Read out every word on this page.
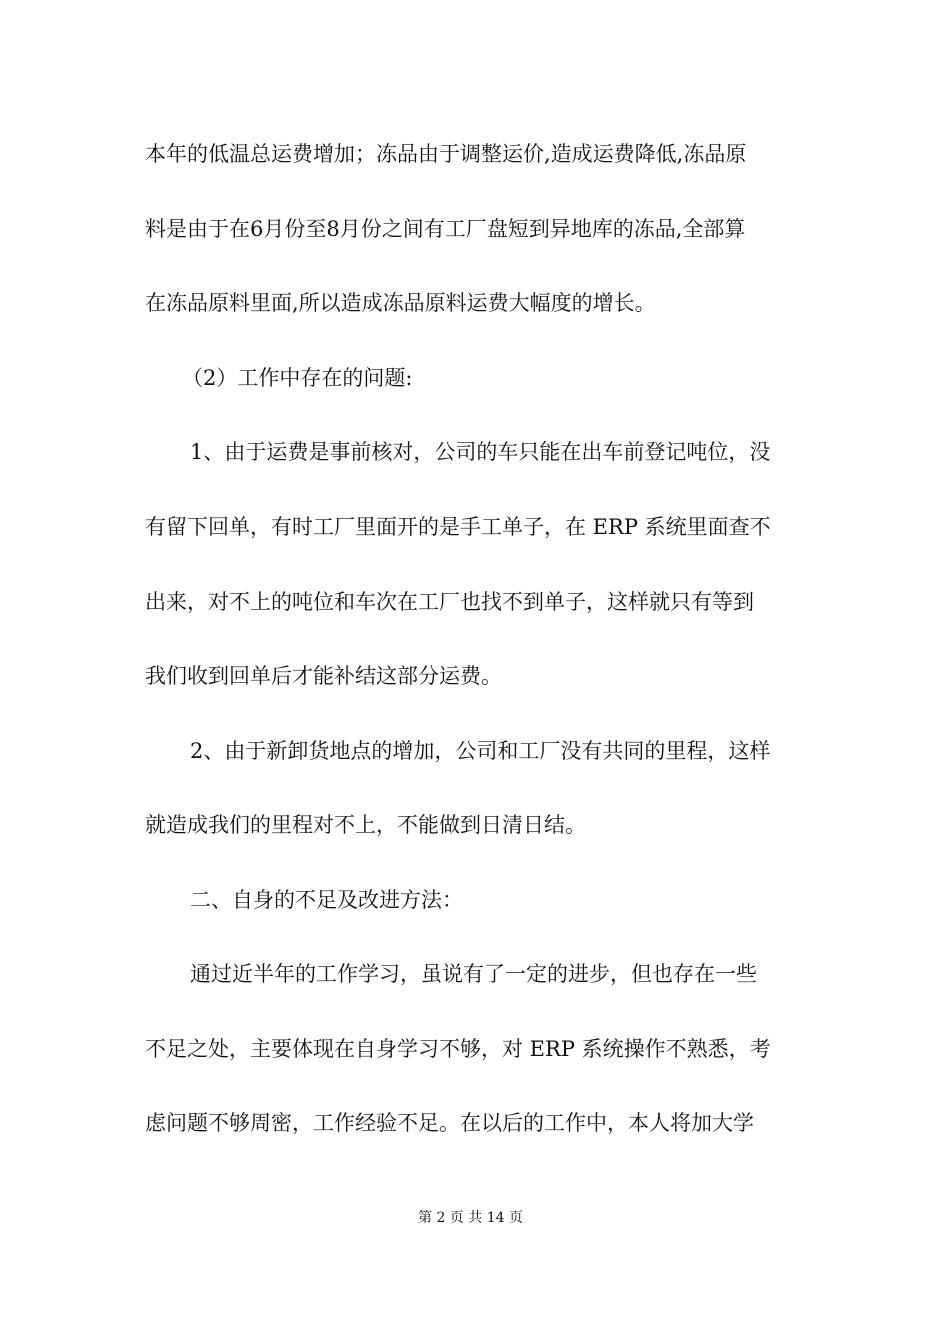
本年的低温总运费增加；冻品由于调整运价,造成运费降低,冻品原
料是由于在6月份至8月份之间有工厂盘短到异地库的冻品,全部算
在冻品原料里面,所以造成冻品原料运费大幅度的增长。
（2）工作中存在的问题:
1、由于运费是事前核对，公司的车只能在出车前登记吨位，没
有留下回单，有时工厂里面开的是手工单子，在 ERP 系统里面查不
出来，对不上的吨位和车次在工厂也找不到单子，这样就只有等到
我们收到回单后才能补结这部分运费。
2、由于新卸货地点的增加，公司和工厂没有共同的里程，这样
就造成我们的里程对不上，不能做到日清日结。
二、自身的不足及改进方法：
通过近半年的工作学习，虽说有了一定的进步，但也存在一些
不足之处，主要体现在自身学习不够，对 ERP 系统操作不熟悉，考
虑问题不够周密，工作经验不足。在以后的工作中，本人将加大学
第 2 页 共 14 页
